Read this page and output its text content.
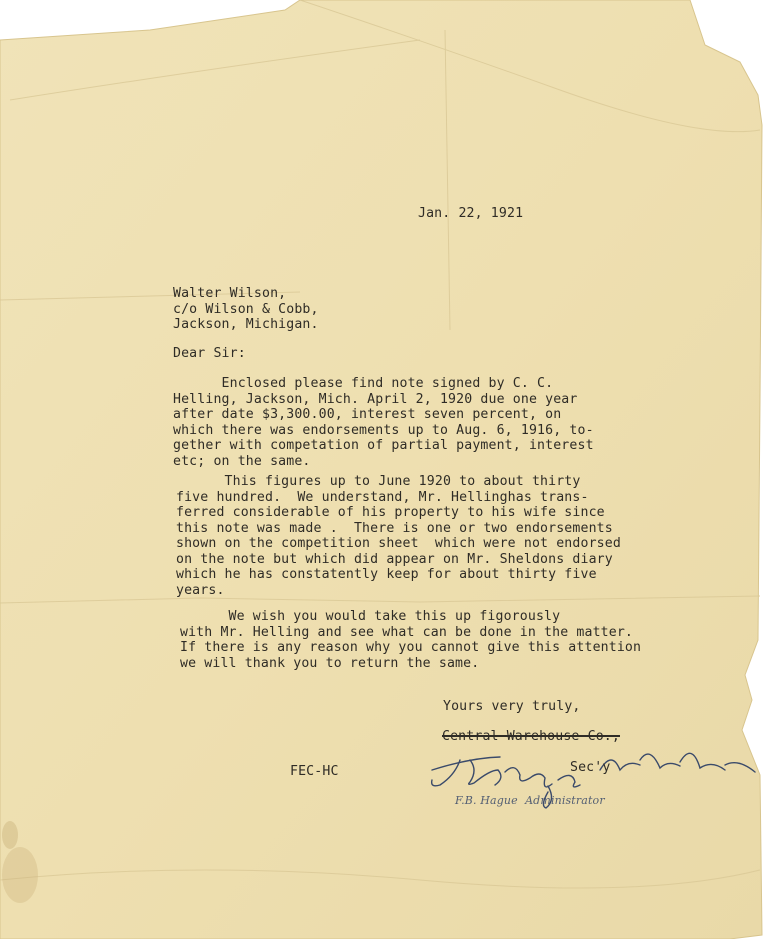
Jan. 22, 1921
Walter Wilson,
c/o Wilson & Cobb,
Jackson, Michigan.
Dear Sir:
Enclosed please find note signed by C. C.
Helling, Jackson, Mich. April 2, 1920 due one year
after date $3,300.00, interest seven percent, on
which there was endorsements up to Aug. 6, 1916, to-
gether with competation of partial payment, interest
etc; on the same.
This figures up to June 1920 to about thirty
five hundred.  We understand, Mr. Hellinghas trans-
ferred considerable of his property to his wife since
this note was made .  There is one or two endorsements
shown on the competition sheet  which were not endorsed
on the note but which did appear on Mr. Sheldons diary
which he has constatently keep for about thirty five
years.
We wish you would take this up figorously
with Mr. Helling and see what can be done in the matter.
If there is any reason why you cannot give this attention
we will thank you to return the same.
Yours very truly,
Central Warehouse Co.,
FEC-HC	Sec'y
F.B. Hague  Administrator
